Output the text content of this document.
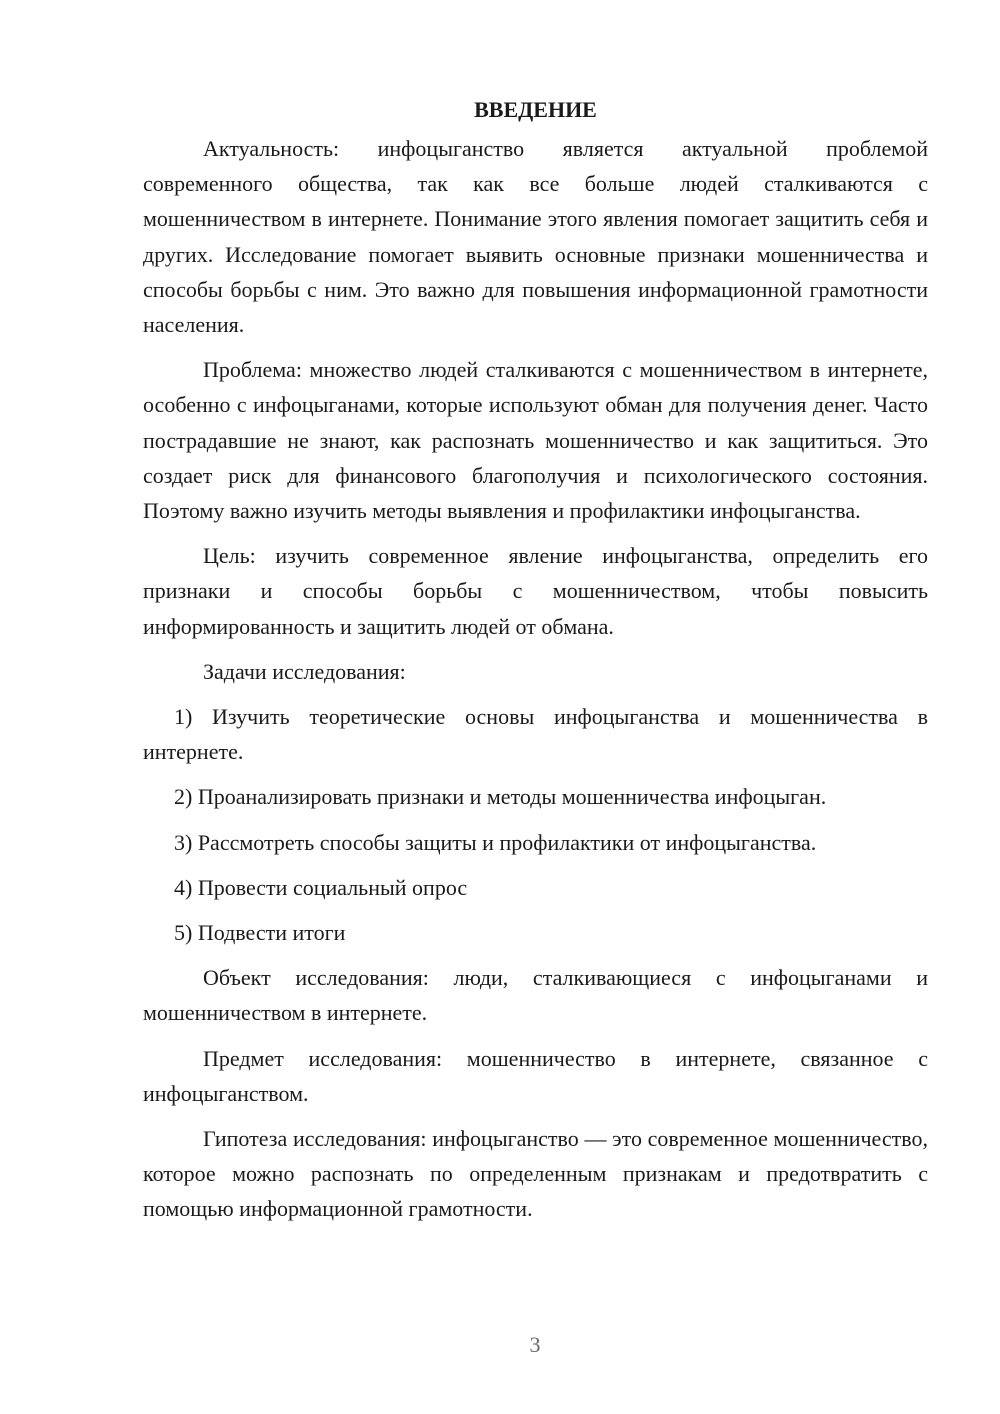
ВВЕДЕНИЕ

Актуальность: инфоцыганство является актуальной проблемой современного общества, так как все больше людей сталкиваются с мошенничеством в интернете. Понимание этого явления помогает защитить себя и других. Исследование помогает выявить основные признаки мошенничества и способы борьбы с ним. Это важно для повышения информационной грамотности населения.

Проблема: множество людей сталкиваются с мошенничеством в интернете, особенно с инфоцыганами, которые используют обман для получения денег. Часто пострадавшие не знают, как распознать мошенничество и как защититься. Это создает риск для финансового благополучия и психологического состояния. Поэтому важно изучить методы выявления и профилактики инфоцыганства.

Цель: изучить современное явление инфоцыганства, определить его признаки и способы борьбы с мошенничеством, чтобы повысить информированность и защитить людей от обмана.

Задачи исследования:

1) Изучить теоретические основы инфоцыганства и мошенничества в интернете.

2) Проанализировать признаки и методы мошенничества инфоцыган.

3) Рассмотреть способы защиты и профилактики от инфоцыганства.

4) Провести социальный опрос

5) Подвести итоги

Объект исследования: люди, сталкивающиеся с инфоцыганами и мошенничеством в интернете.

Предмет исследования: мошенничество в интернете, связанное с инфоцыганством.

Гипотеза исследования: инфоцыганство — это современное мошенничество, которое можно распознать по определенным признакам и предотвратить с помощью информационной грамотности.

3
